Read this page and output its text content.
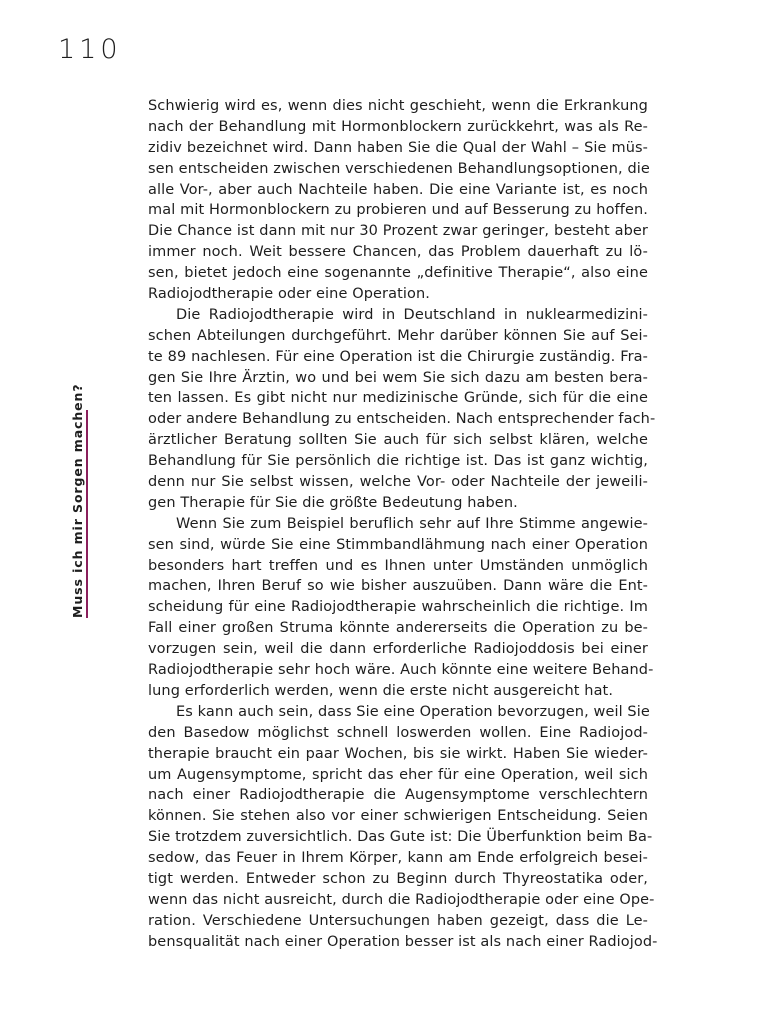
110
Muss ich mir Sorgen machen?
Schwierig wird es, wenn dies nicht geschieht, wenn die Erkrankung
nach der Behandlung mit Hormonblockern zurückkehrt, was als Re-
zidiv bezeichnet wird. Dann haben Sie die Qual der Wahl – Sie müs-
sen entscheiden zwischen verschiedenen Behandlungsoptionen, die
alle Vor-, aber auch Nachteile haben. Die eine Variante ist, es noch
mal mit Hormonblockern zu probieren und auf Besserung zu hoffen.
Die Chance ist dann mit nur 30 Prozent zwar geringer, besteht aber
immer noch. Weit bessere Chancen, das Problem dauerhaft zu lö-
sen, bietet jedoch eine sogenannte „definitive Therapie“, also eine
Radiojodtherapie oder eine Operation.
Die Radiojodtherapie wird in Deutschland in nuklearmedizini-
schen Abteilungen durchgeführt. Mehr darüber können Sie auf Sei-
te 89 nachlesen. Für eine Operation ist die Chirurgie zuständig. Fra-
gen Sie Ihre Ärztin, wo und bei wem Sie sich dazu am besten bera-
ten lassen. Es gibt nicht nur medizinische Gründe, sich für die eine
oder andere Behandlung zu entscheiden. Nach entsprechender fach-
ärztlicher Beratung sollten Sie auch für sich selbst klären, welche
Behandlung für Sie persönlich die richtige ist. Das ist ganz wichtig,
denn nur Sie selbst wissen, welche Vor- oder Nachteile der jeweili-
gen Therapie für Sie die größte Bedeutung haben.
Wenn Sie zum Beispiel beruflich sehr auf Ihre Stimme angewie-
sen sind, würde Sie eine Stimmbandlähmung nach einer Operation
besonders hart treffen und es Ihnen unter Umständen unmöglich
machen, Ihren Beruf so wie bisher auszuüben. Dann wäre die Ent-
scheidung für eine Radiojodtherapie wahrscheinlich die richtige. Im
Fall einer großen Struma könnte andererseits die Operation zu be-
vorzugen sein, weil die dann erforderliche Radiojoddosis bei einer
Radiojodtherapie sehr hoch wäre. Auch könnte eine weitere Behand-
lung erforderlich werden, wenn die erste nicht ausgereicht hat.
Es kann auch sein, dass Sie eine Operation bevorzugen, weil Sie
den Basedow möglichst schnell loswerden wollen. Eine Radiojod-
therapie braucht ein paar Wochen, bis sie wirkt. Haben Sie wieder-
um Augensymptome, spricht das eher für eine Operation, weil sich
nach einer Radiojodtherapie die Augensymptome verschlechtern
können. Sie stehen also vor einer schwierigen Entscheidung. Seien
Sie trotzdem zuversichtlich. Das Gute ist: Die Überfunktion beim Ba-
sedow, das Feuer in Ihrem Körper, kann am Ende erfolgreich besei-
tigt werden. Entweder schon zu Beginn durch Thyreostatika oder,
wenn das nicht ausreicht, durch die Radiojodtherapie oder eine Ope-
ration. Verschiedene Untersuchungen haben gezeigt, dass die Le-
bensqualität nach einer Operation besser ist als nach einer Radiojod-
